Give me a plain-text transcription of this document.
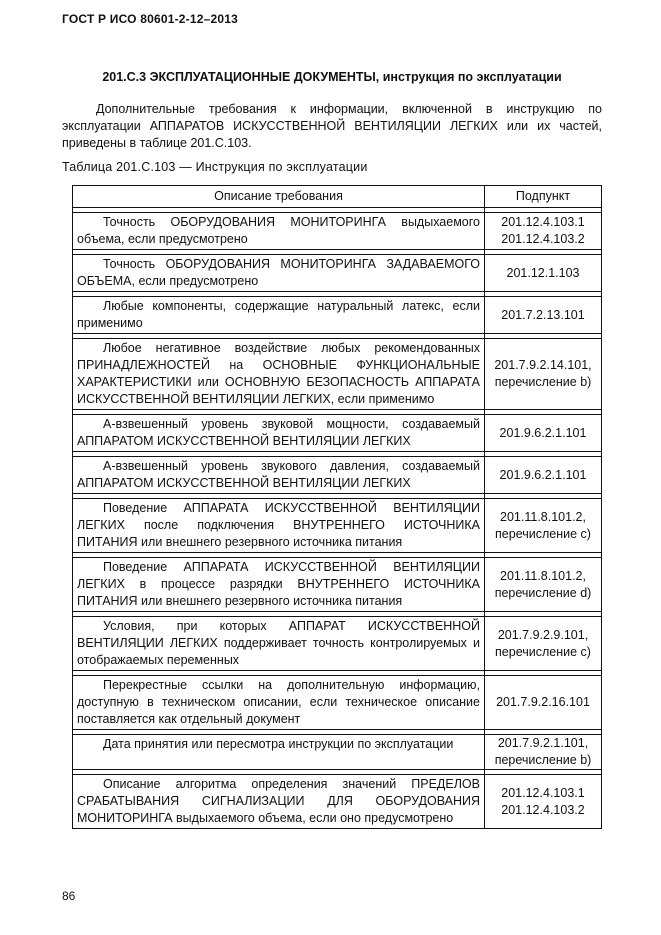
ГОСТ Р ИСО 80601-2-12–2013
201.C.3 ЭКСПЛУАТАЦИОННЫЕ ДОКУМЕНТЫ, инструкция по эксплуатации
Дополнительные требования к информации, включенной в инструкцию по эксплуатации АППАРАТОВ ИСКУССТВЕННОЙ ВЕНТИЛЯЦИИ ЛЕГКИХ или их частей, приведены в таблице 201.C.103.
Таблица 201.C.103 — Инструкция по эксплуатации
Описание требования	Подпункт

Точность ОБОРУДОВАНИЯ МОНИТОРИНГА выдыхаемого объема, если предусмотрено	201.12.4.103.1
201.12.4.103.2

Точность ОБОРУДОВАНИЯ МОНИТОРИНГА ЗАДАВАЕМОГО ОБЪЕМА, если предусмотрено	201.12.1.103

Любые компоненты, содержащие натуральный латекс, если применимо	201.7.2.13.101

Любое негативное воздействие любых рекомендованных ПРИНАДЛЕЖНОСТЕЙ на ОСНОВНЫЕ ФУНКЦИОНАЛЬНЫЕ ХАРАКТЕРИСТИКИ или ОСНОВНУЮ БЕЗОПАСНОСТЬ АППАРАТА ИСКУССТВЕННОЙ ВЕНТИЛЯЦИИ ЛЕГКИХ, если применимо	201.7.9.2.14.101,
перечисление b)

А-взвешенный уровень звуковой мощности, создаваемый АППАРАТОМ ИСКУССТВЕННОЙ ВЕНТИЛЯЦИИ ЛЕГКИХ	201.9.6.2.1.101

А-взвешенный уровень звукового давления, создаваемый АППАРАТОМ ИСКУССТВЕННОЙ ВЕНТИЛЯЦИИ ЛЕГКИХ	201.9.6.2.1.101

Поведение АППАРАТА ИСКУССТВЕННОЙ ВЕНТИЛЯЦИИ ЛЕГКИХ после подключения ВНУТРЕННЕГО ИСТОЧНИКА ПИТАНИЯ или внешнего резервного источника питания	201.11.8.101.2,
перечисление c)

Поведение АППАРАТА ИСКУССТВЕННОЙ ВЕНТИЛЯЦИИ ЛЕГКИХ в процессе разрядки ВНУТРЕННЕГО ИСТОЧНИКА ПИТАНИЯ или внешнего резервного источника питания	201.11.8.101.2,
перечисление d)

Условия, при которых АППАРАТ ИСКУССТВЕННОЙ ВЕНТИЛЯЦИИ ЛЕГКИХ поддерживает точность контролируемых и отображаемых переменных	201.7.9.2.9.101,
перечисление c)

Перекрестные ссылки на дополнительную информацию, доступную в техническом описании, если техническое описание поставляется как отдельный документ	201.7.9.2.16.101

Дата принятия или пересмотра инструкции по эксплуатации	201.7.9.2.1.101,
перечисление b)

Описание алгоритма определения значений ПРЕДЕЛОВ СРАБАТЫВАНИЯ СИГНАЛИЗАЦИИ ДЛЯ ОБОРУДОВАНИЯ МОНИТОРИНГА выдыхаемого объема, если оно предусмотрено	201.12.4.103.1
201.12.4.103.2
86
